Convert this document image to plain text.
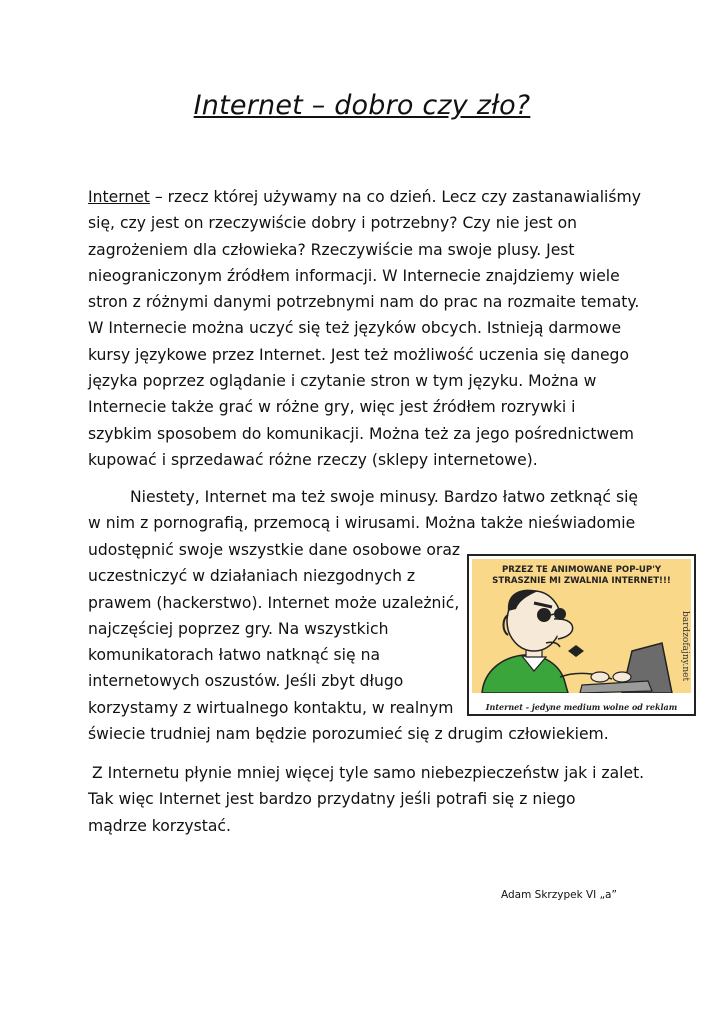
Internet – dobro czy zło?
Internet – rzecz której używamy na co dzień. Lecz czy zastanawialiśmy
się, czy jest on rzeczywiście dobry i potrzebny? Czy nie jest on
zagrożeniem dla człowieka? Rzeczywiście ma swoje plusy. Jest
nieograniczonym źródłem informacji. W Internecie znajdziemy wiele
stron z różnymi danymi potrzebnymi nam do prac na rozmaite tematy.
W Internecie można uczyć się też języków obcych. Istnieją darmowe
kursy językowe przez Internet. Jest też możliwość uczenia się danego
języka poprzez oglądanie i czytanie stron w tym języku. Można w
Internecie także grać w różne gry, więc jest źródłem rozrywki i
szybkim sposobem do komunikacji. Można też za jego pośrednictwem
kupować i sprzedawać różne rzeczy (sklepy internetowe).
Niestety, Internet ma też swoje minusy. Bardzo łatwo zetknąć się
w nim z pornografią, przemocą i wirusami. Można także nieświadomie
udostępnić swoje wszystkie dane osobowe oraz
uczestniczyć w działaniach niezgodnych z
prawem (hackerstwo). Internet może uzależnić,
najczęściej poprzez gry. Na wszystkich
komunikatorach łatwo natknąć się na
internetowych oszustów. Jeśli zbyt długo
korzystamy z wirtualnego kontaktu, w realnym
świecie trudniej nam będzie porozumieć się z drugim człowiekiem.
Z Internetu płynie mniej więcej tyle samo niebezpieczeństw jak i zalet.
Tak więc Internet jest bardzo przydatny jeśli potrafi się z niego
mądrze korzystać.
PRZEZ TE ANIMOWANE POP-UP'Y
STRASZNIE MI ZWALNIA INTERNET!!!
bardzofajny.net
Internet - jedyne medium wolne od reklam
Adam Skrzypek VI „a”
